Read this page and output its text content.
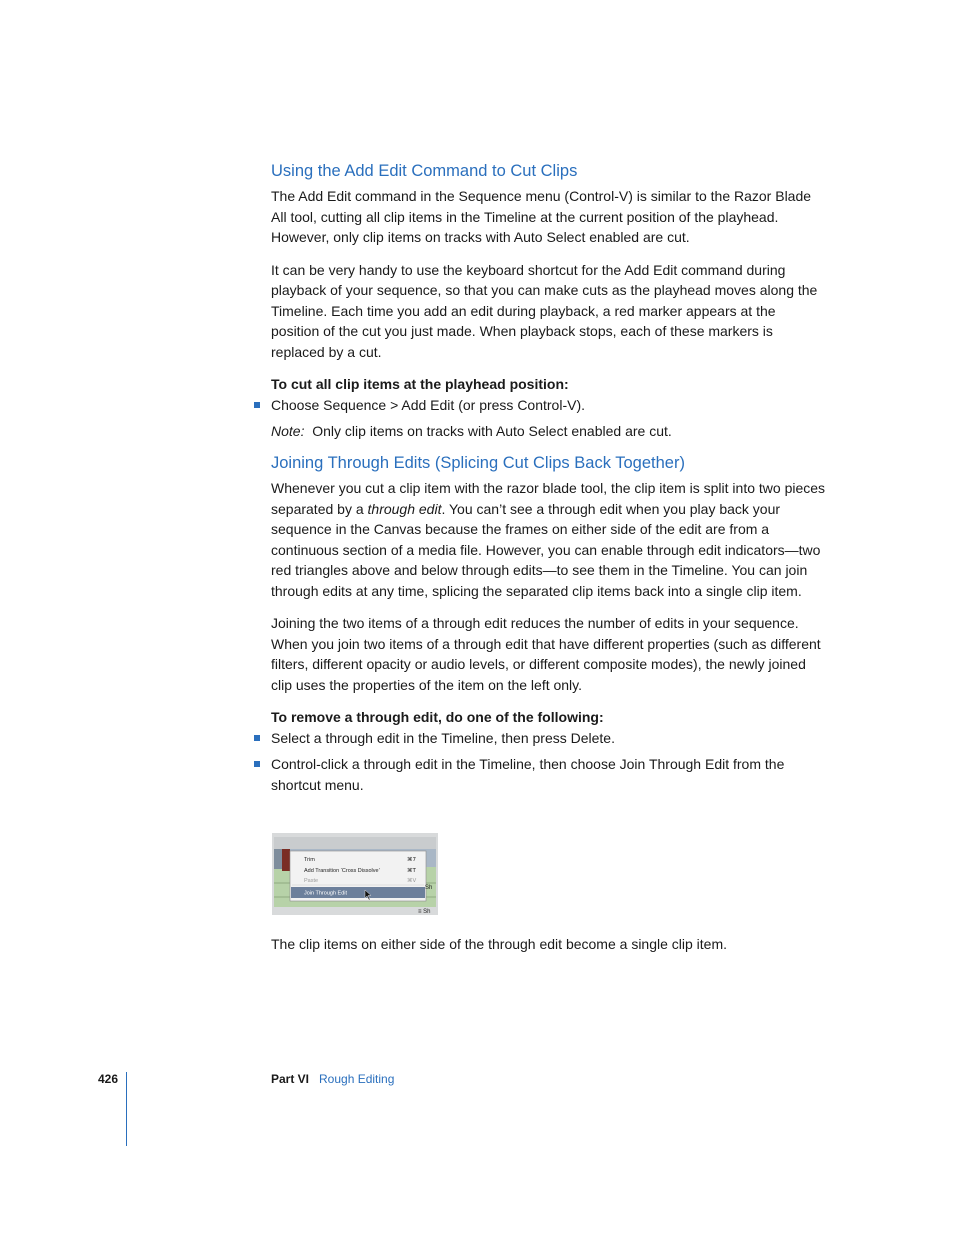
Using the Add Edit Command to Cut Clips

The Add Edit command in the Sequence menu (Control-V) is similar to the Razor Blade All tool, cutting all clip items in the Timeline at the current position of the playhead. However, only clip items on tracks with Auto Select enabled are cut.

It can be very handy to use the keyboard shortcut for the Add Edit command during playback of your sequence, so that you can make cuts as the playhead moves along the Timeline. Each time you add an edit during playback, a red marker appears at the position of the cut you just made. When playback stops, each of these markers is replaced by a cut.

To cut all clip items at the playhead position:

Choose Sequence > Add Edit (or press Control-V).

Note: Only clip items on tracks with Auto Select enabled are cut.

Joining Through Edits (Splicing Cut Clips Back Together)

Whenever you cut a clip item with the razor blade tool, the clip item is split into two pieces separated by a through edit. You can’t see a through edit when you play back your sequence in the Canvas because the frames on either side of the edit are from a continuous section of a media file. However, you can enable through edit indicators—two red triangles above and below through edits—to see them in the Timeline. You can join through edits at any time, splicing the separated clip items back into a single clip item.

Joining the two items of a through edit reduces the number of edits in your sequence. When you join two items of a through edit that have different properties (such as different filters, different opacity or audio levels, or different composite modes), the newly joined clip uses the properties of the item on the left only.

To remove a through edit, do one of the following:

Select a through edit in the Timeline, then press Delete.

Control-click a through edit in the Timeline, then choose Join Through Edit from the shortcut menu.

Trim	⌘7
Add Transition ‘Cross Dissolve’	⌘T
Paste	⌘V
Join Through Edit
Sh
≡ Sh

The clip items on either side of the through edit become a single clip item.

426	Part VI Rough Editing
